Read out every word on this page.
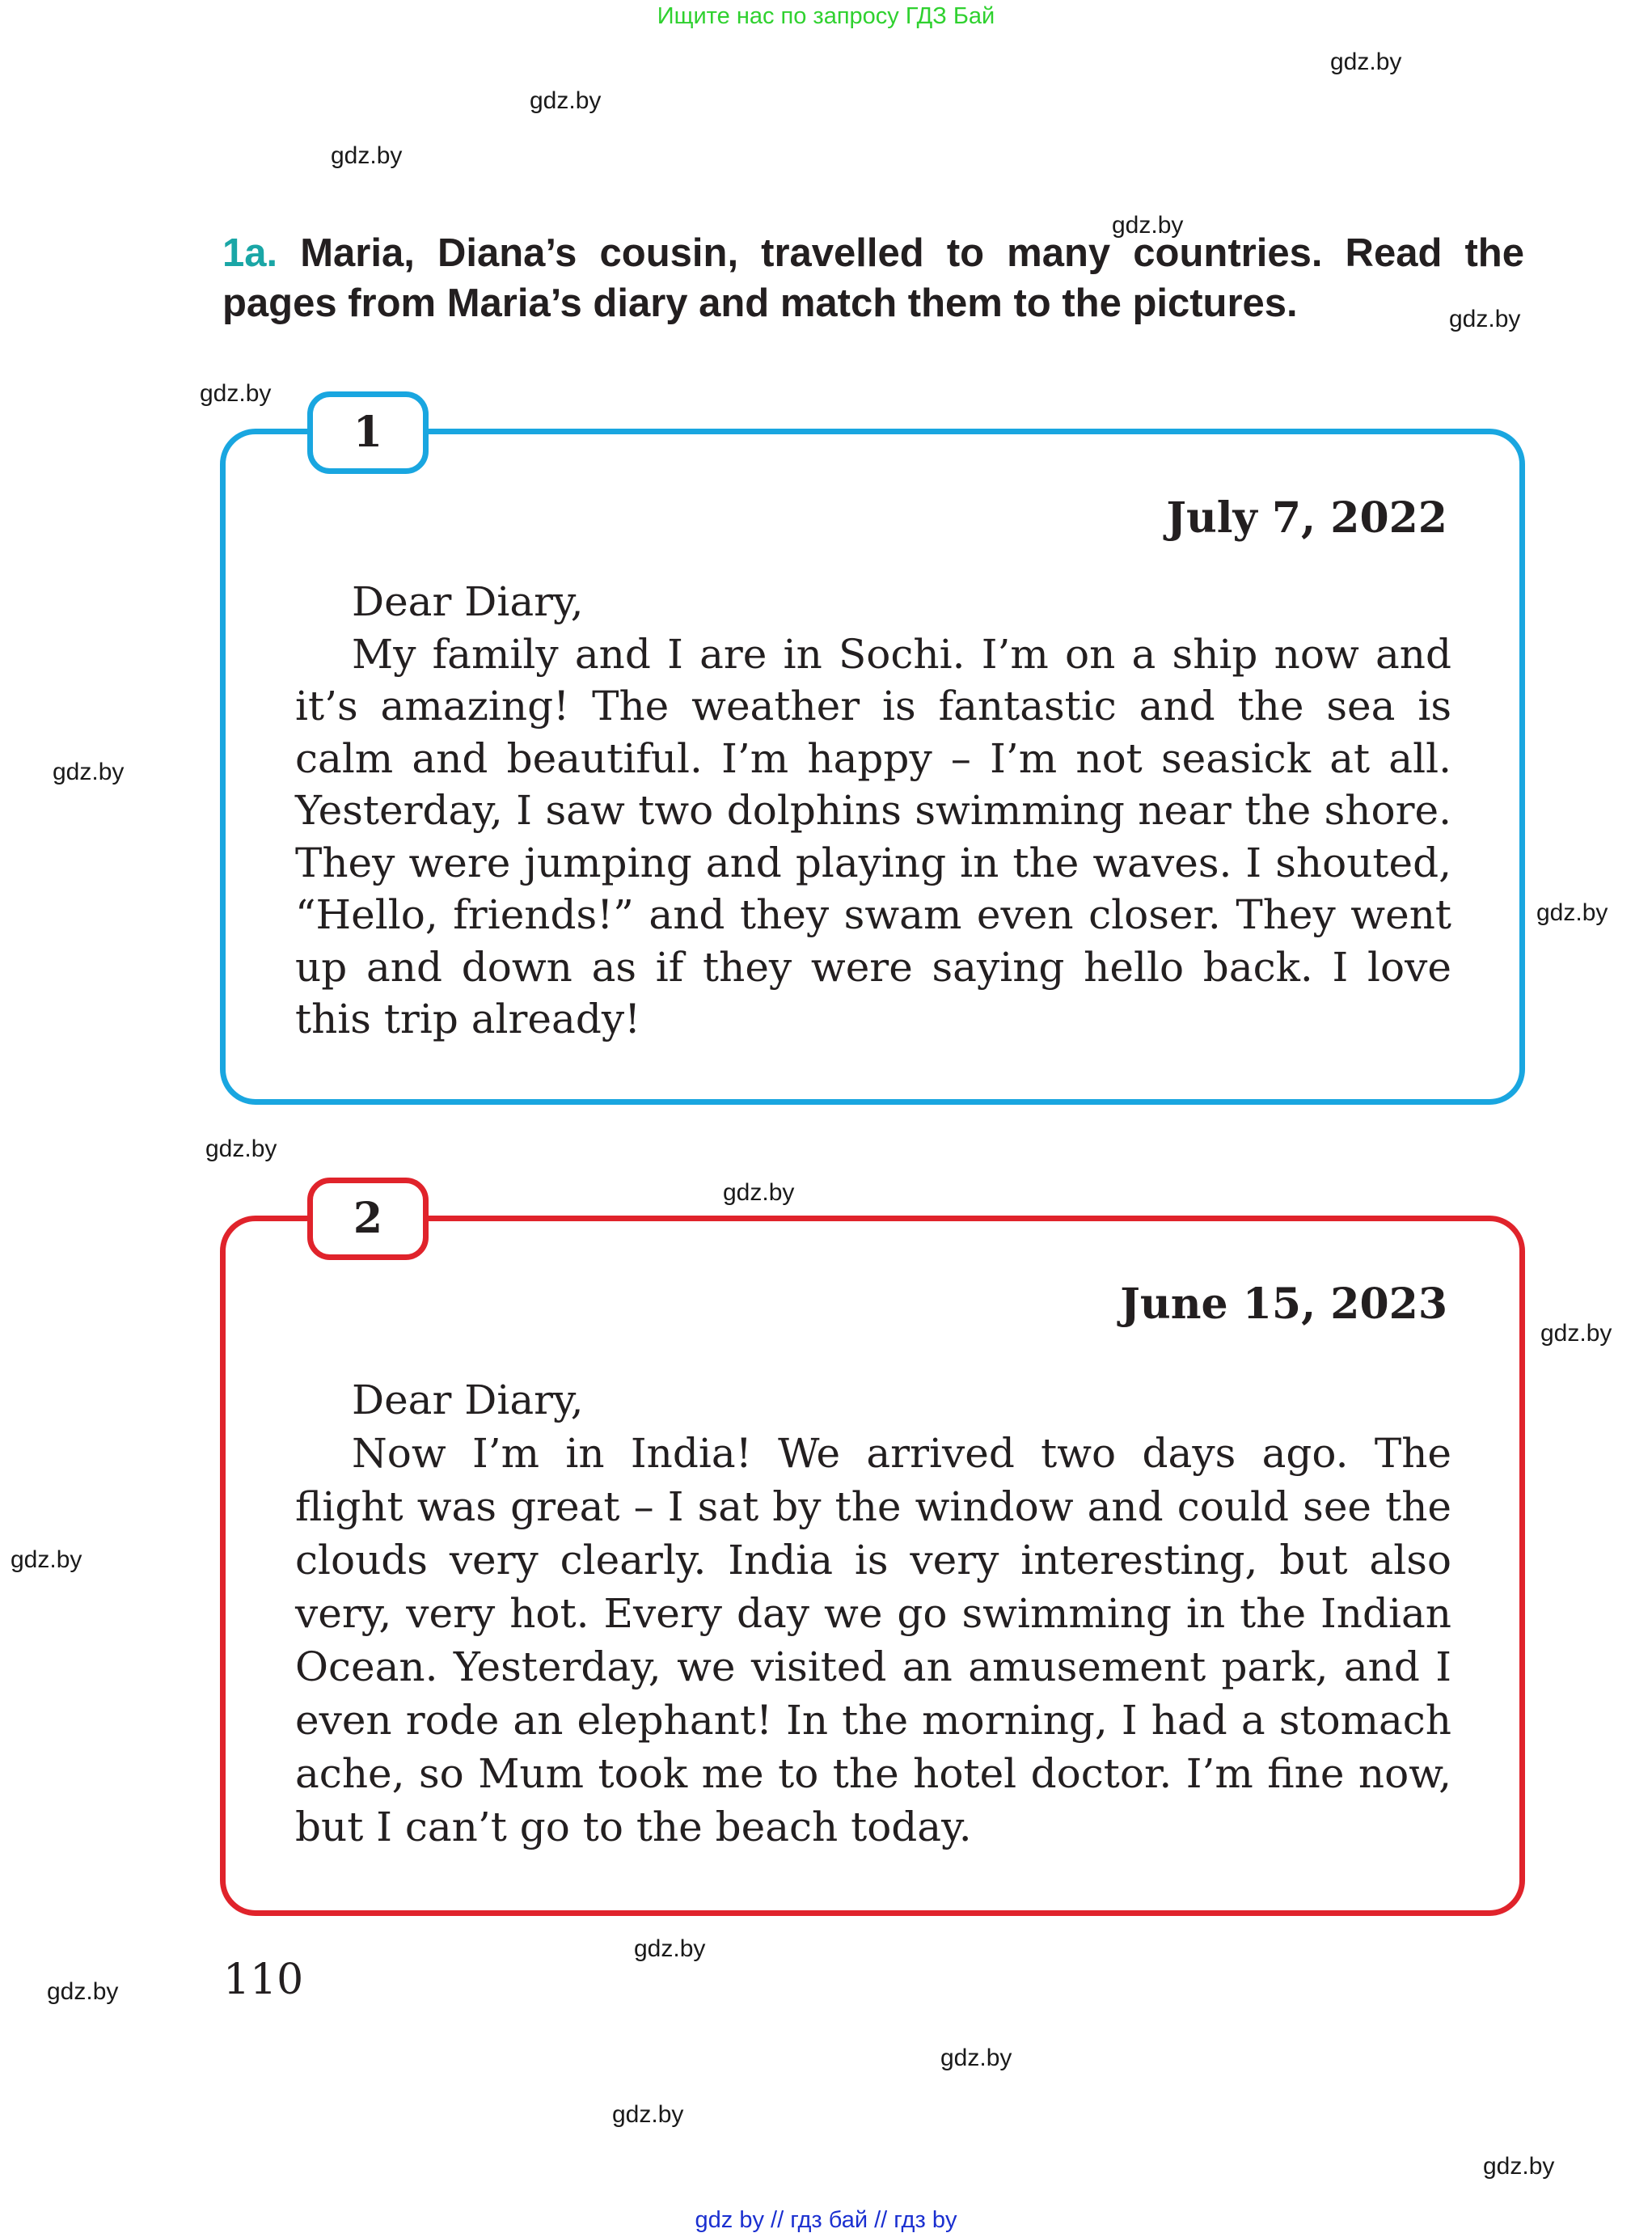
Ищите нас по запросу ГДЗ Бай
gdz.by
gdz.by
gdz.by
gdz.by
gdz.by
gdz.by
gdz.by
gdz.by
gdz.by
gdz.by
gdz.by
gdz.by
gdz.by
gdz.by
gdz.by
gdz.by
gdz.by
1a. Maria, Diana’s cousin, travelled to many countries. Read the pages from Maria’s diary and match them to the pictures.
1
July 7, 2022

Dear Diary,

My family and I are in Sochi. I’m on a ship now and it’s amazing! The weather is fantastic and the sea is calm and beautiful. I’m happy – I’m not seasick at all. Yesterday, I saw two dolphins swimming near the shore. They were jumping and playing in the waves. I shouted, “Hello, friends!” and they swam even closer. They went up and down as if they were saying hello back. I love this trip already!

2
June 15, 2023

Dear Diary,

Now I’m in India! We arrived two days ago. The flight was great – I sat by the window and could see the clouds very clearly. India is very interesting, but also very, very hot. Every day we go swimming in the Indian Ocean. Yesterday, we visited an amusement park, and I even rode an elephant! In the morning, I had a stomach ache, so Mum took me to the hotel doctor. I’m fine now, but I can’t go to the beach today.

110
gdz by // гдз бай // гдз by
